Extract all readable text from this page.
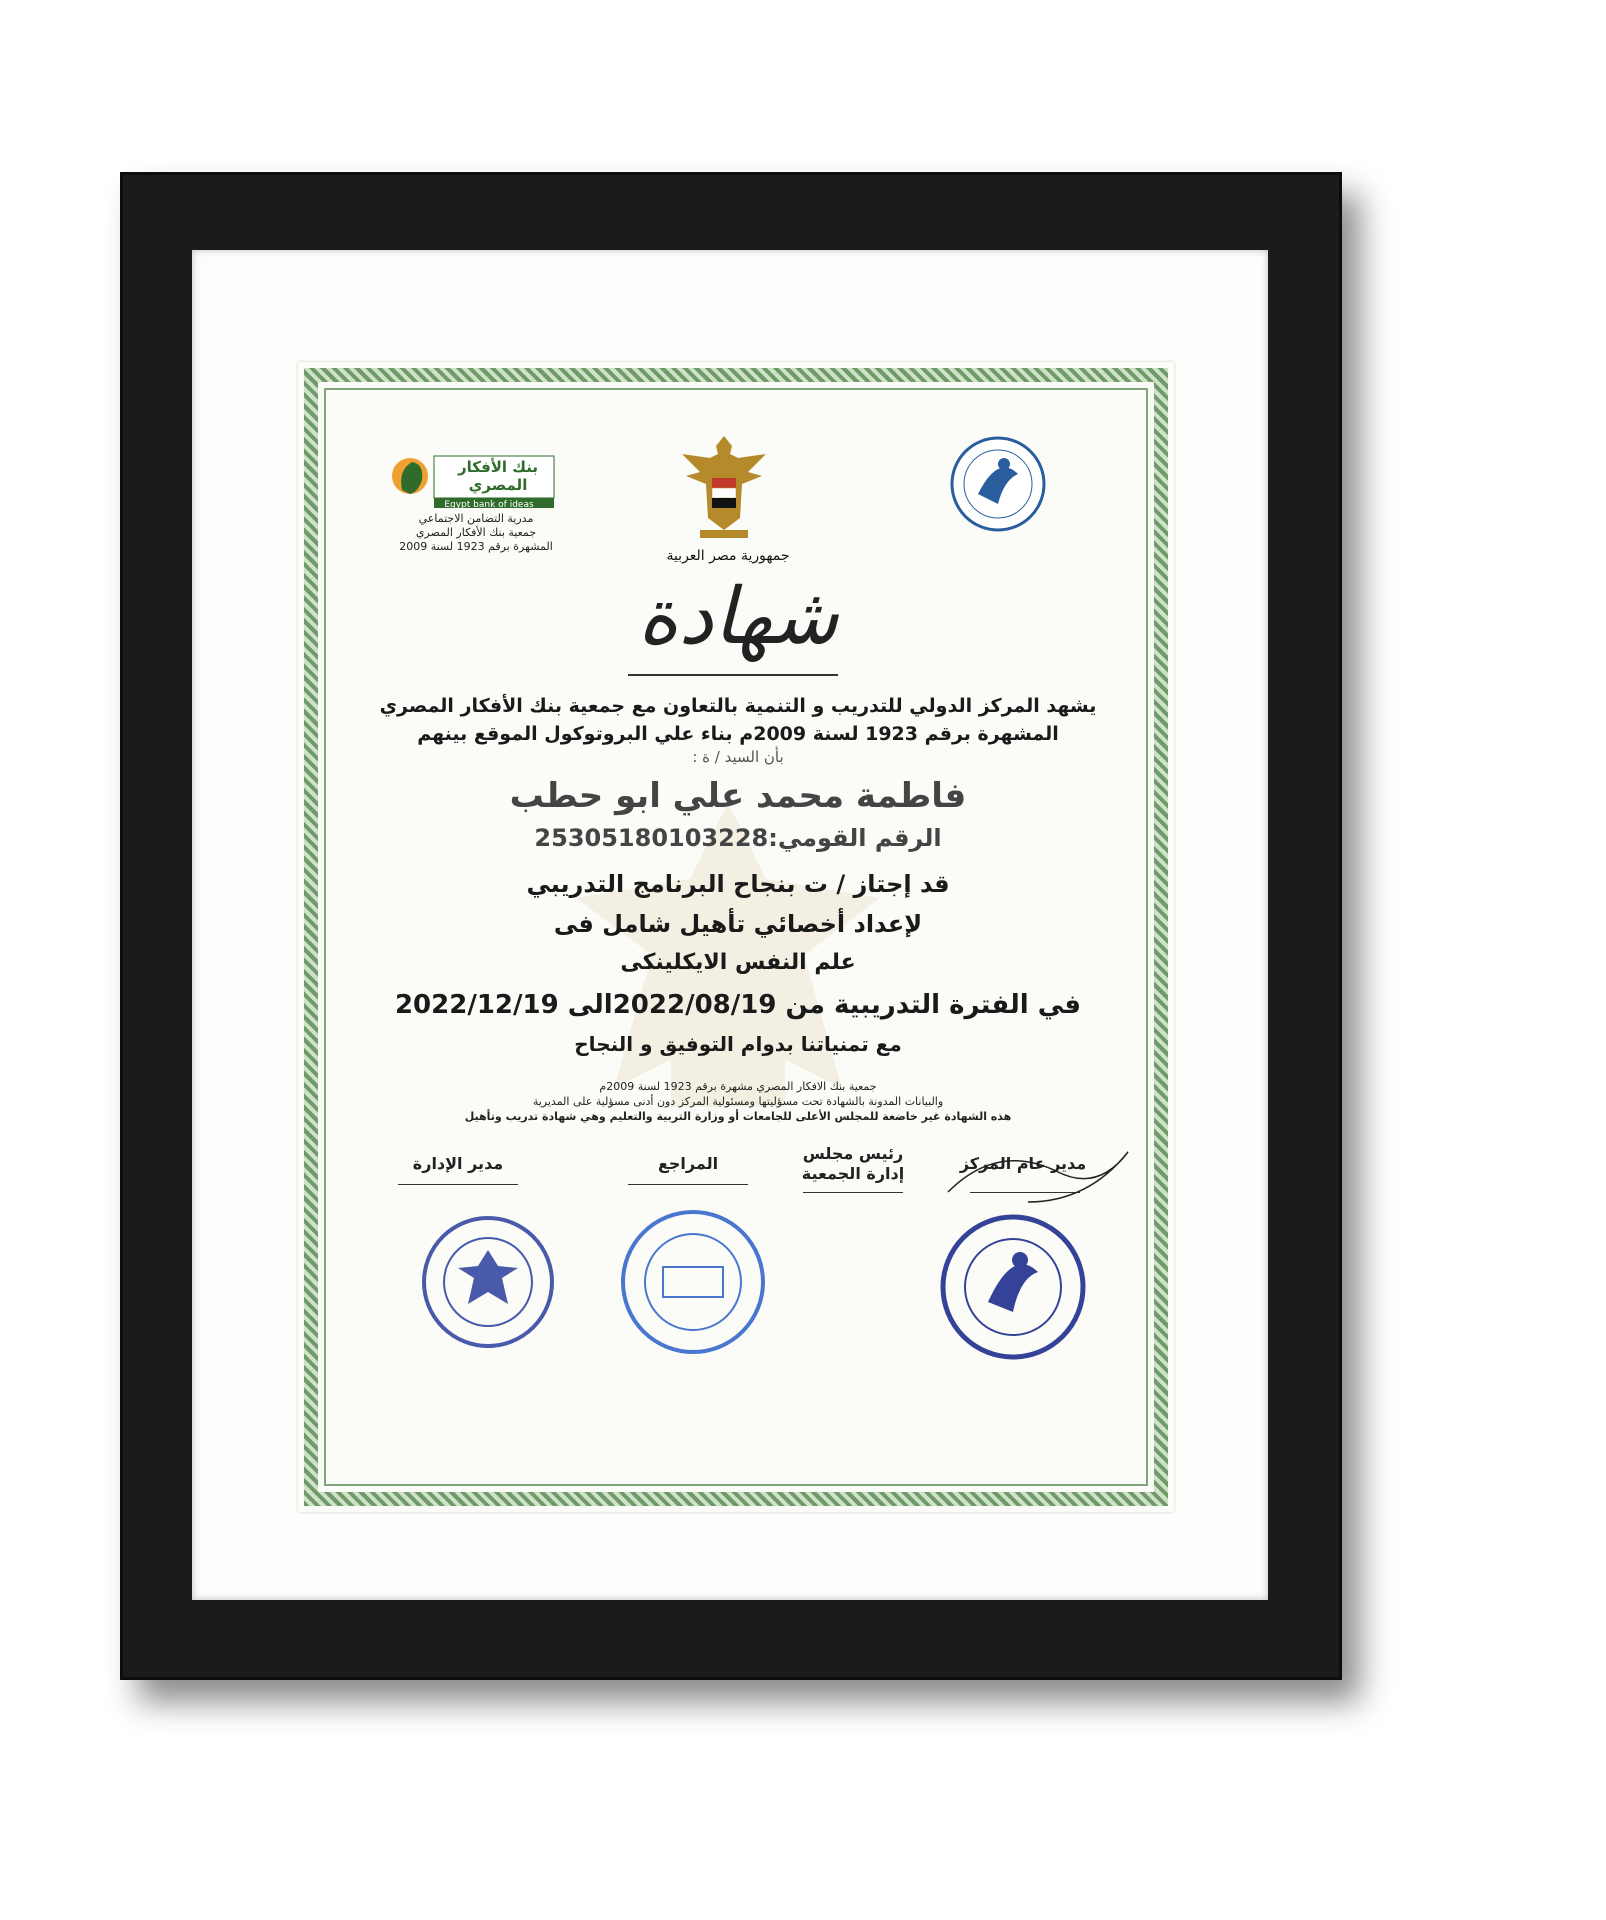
بنك الأفكار المصري
Egypt bank of ideas
مدرية التضامن الاجتماعي
جمعية بنك الأفكار المصري
المشهرة برقم 1923 لسنة 2009
جمهورية مصر العربية
شهادة
يشهد المركز الدولي للتدريب و التنمية بالتعاون مع جمعية بنك الأفكار المصري
المشهرة برقم 1923 لسنة 2009م بناء علي البروتوكول الموقع بينهم
بأن السيد / ة :
فاطمة محمد علي ابو حطب
الرقم القومي:25305180103228
قد إجتاز / ت بنجاح البرنامج التدريبي
لإعداد أخصائي تأهيل شامل فى
علم النفس الايكلينكى
في الفترة التدريبية من 2022/08/19الى 2022/12/19
مع تمنياتنا بدوام التوفيق و النجاح
جمعية بنك الافكار المصري مشهرة برقم 1923 لسنة 2009م
والبيانات المدونة بالشهادة تحت مسؤليتها ومسئولية المركز دون أدنى مسؤلية على المديرية
هذه الشهادة غير خاضعة للمجلس الأعلى للجامعات أو وزارة التربية والتعليم وهي شهادة تدريب وتأهيل
مدير عام المركز
رئيس مجلس إدارة الجمعية
المراجع
مدير الإدارة
